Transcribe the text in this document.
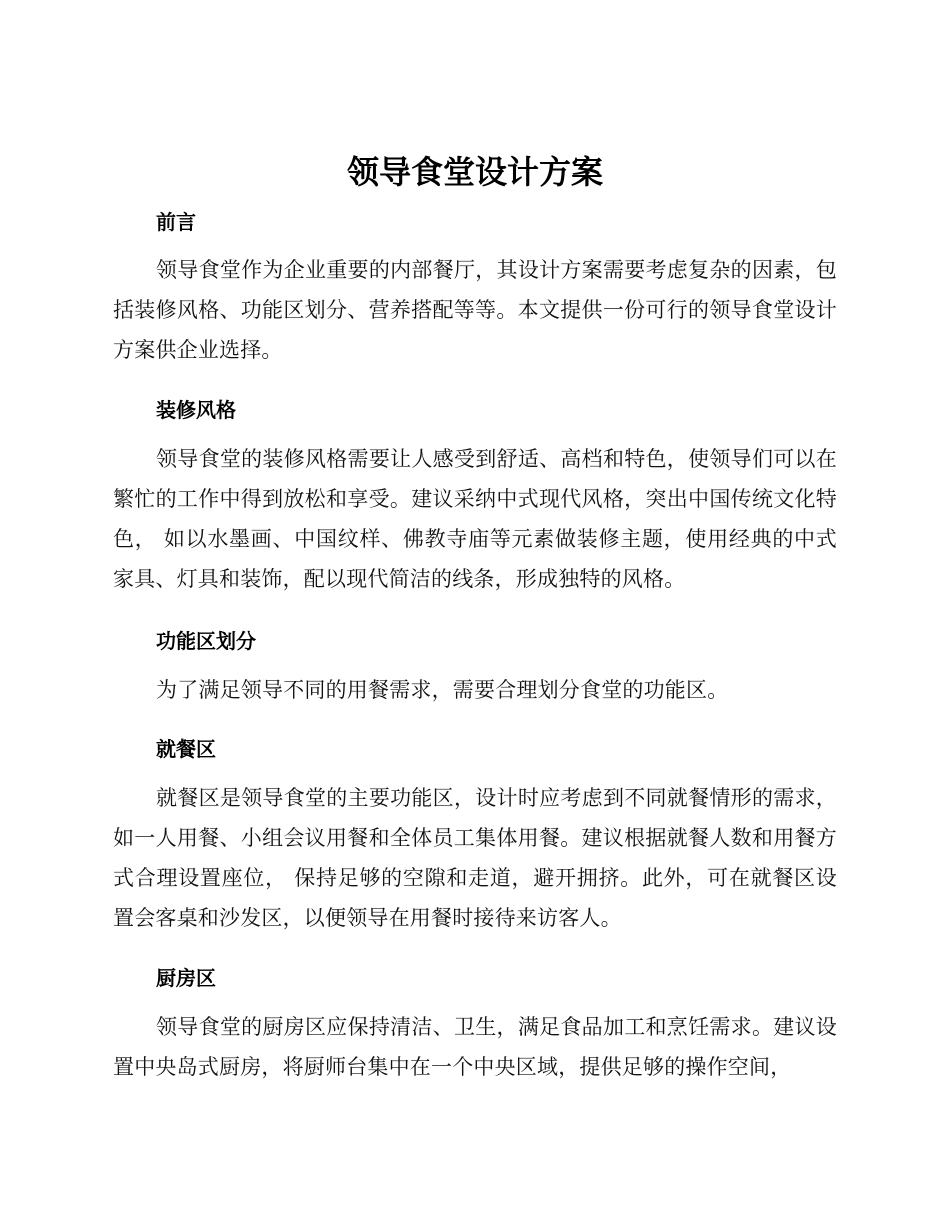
领导食堂设计方案

前言

领导食堂作为企业重要的内部餐厅，其设计方案需要考虑复杂的因素，包括装修风格、功能区划分、营养搭配等等。本文提供一份可行的领导食堂设计方案供企业选择。

装修风格

领导食堂的装修风格需要让人感受到舒适、高档和特色，使领导们可以在繁忙的工作中得到放松和享受。建议采纳中式现代风格，突出中国传统文化特色， 如以水墨画、中国纹样、佛教寺庙等元素做装修主题，使用经典的中式家具、灯具和装饰，配以现代简洁的线条，形成独特的风格。

功能区划分

为了满足领导不同的用餐需求，需要合理划分食堂的功能区。

就餐区

就餐区是领导食堂的主要功能区，设计时应考虑到不同就餐情形的需求，如一人用餐、小组会议用餐和全体员工集体用餐。建议根据就餐人数和用餐方式合理设置座位， 保持足够的空隙和走道，避开拥挤。此外，可在就餐区设置会客桌和沙发区，以便领导在用餐时接待来访客人。

厨房区

领导食堂的厨房区应保持清洁、卫生，满足食品加工和烹饪需求。建议设置中央岛式厨房，将厨师台集中在一个中央区域，提供足够的操作空间，
